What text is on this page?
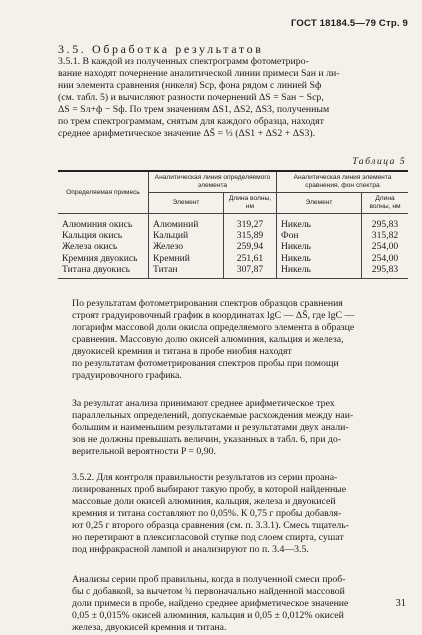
ГОСТ 18184.5—79 Стр. 9
3.5. Обработка результатов

3.5.1. В каждой из полученных спектрограмм фотометриро-
вание находят почернение аналитической линии примеси Sан и ли-
нии элемента сравнения (никеля) Sср, фона рядом с линией Sф
(см. табл. 5) и вычисляют разности почернений ΔS = Sан − Sср,
ΔS = Sл+ф − Sф. По трем значениям ΔS1, ΔS2, ΔS3, полученным
по трем спектрограммам, снятым для каждого образца, находят
среднее арифметическое значение ΔS̄ = ⅓ (ΔS1 + ΔS2 + ΔS3).

Таблица 5
Определяемая примесь	Аналитическая линия определяемого элемента		Аналитическая линия элемента сравнения, фон спектра	
	Элемент	Длина волны, нм	Элемент	Длина волны, нм
Алюминия окись	Алюминий	319,27	Никель	295,83
Кальция окись	Кальций	315,89	Фон	315,82
Железа окись	Железо	259,94	Никель	254,00
Кремния двуокись	Кремний	251,61	Никель	254,00
Титана двуокись	Титан	307,87	Никель	295,83

По результатам фотометрирования спектров образцов сравнения
строят градуировочный график в координатах lgC — ΔS̄, где lgC —
логарифм массовой доли окисла определяемого элемента в образце
сравнения. Массовую долю окисей алюминия, кальция и железа,
двуокисей кремния и титана в пробе ниобия находят
по результатам фотометрирования спектров пробы при помощи
градуировочного графика.

За результат анализа принимают среднее арифметическое трех
параллельных определений, допускаемые расхождения между наи-
большим и наименьшим результатами и результатами двух анали-
зов не должны превышать величин, указанных в табл. 6, при до-
верительной вероятности P = 0,90.

3.5.2. Для контроля правильности результатов из серии проана-
лизированных проб выбирают такую пробу, в которой найденные
массовые доли окисей алюминия, кальция, железа и двуокисей
кремния и титана составляют по 0,05%. К 0,75 г пробы добавля-
ют 0,25 г второго образца сравнения (см. п. 3.3.1). Смесь тщатель-
но перетирают в плексигласовой ступке под слоем спирта, сушат
под инфракрасной лампой и анализируют по п. 3.4—3.5.

Анализы серии проб правильны, когда в полученной смеси проб-
бы с добавкой, за вычетом ¾ первоначально найденной массовой
доли примеси в пробе, найдено среднее арифметическое значение
0,05 ± 0,015% окисей алюминия, кальция и 0,05 ± 0,012% окисей
железа, двуокисей кремния и титана.

31
